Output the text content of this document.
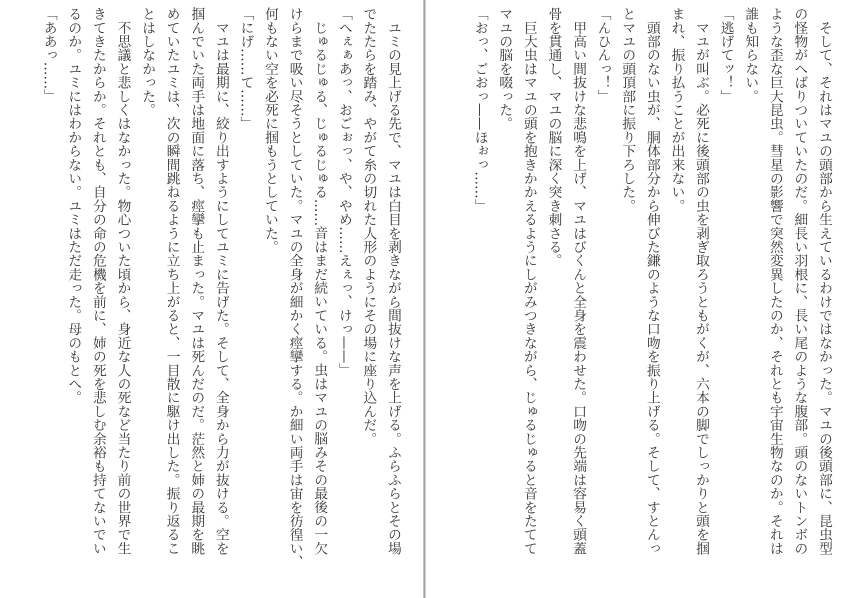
　ユミの見上げる先で、マユは白目を剥きながら間抜けな声を上げる。ふらふらとその場
でたたらを踏み、やがて糸の切れた人形のようにその場に座り込んだ。
「へぇぁあっ、おごぉっ、や、やめ……えぇっ、けっ——」
　じゅるじゅる、じゅるじゅる……音はまだ続いている。虫はマユの脳みその最後の一欠
けらまで吸い尽そうとしていた。マユの全身が細かく痙攣する。か細い両手は宙を彷徨い、
何もない空を必死に掴もうとしていた。
「にげ……て……」
　マユは最期に、絞り出すようにしてユミに告げた。そして、全身から力が抜ける。空を
掴んでいた両手は地面に落ち、痙攣も止まった。マユは死んだのだ。茫然と姉の最期を眺
めていたユミは、次の瞬間跳ねるように立ち上がると、一目散に駆け出した。振り返るこ
とはしなかった。
　不思議と悲しくはなかった。物心ついた頃から、身近な人の死など当たり前の世界で生
きてきたからか。それとも、自分の命の危機を前に、姉の死を悲しむ余裕も持てないでい
るのか。ユミにはわからない。ユミはただ走った。母のもとへ。
「ああっ……」	　そして、それはマユの頭部から生えているわけではなかった。マユの後頭部に、昆虫型
の怪物がへばりついていたのだ。細長い羽根に、長い尾のような腹部。頭のないトンボの
ような歪な巨大昆虫。彗星の影響で突然変異したのか、それとも宇宙生物なのか。それは
誰も知らない。
「逃げてッ！」
　マユが叫ぶ。必死に後頭部の虫を剥ぎ取ろうともがくが、六本の脚でしっかりと頭を掴
まれ、振り払うことが出来ない。
　頭部のない虫が、胴体部分から伸びた鎌のような口吻を振り上げる。そして、すとんっ
とマユの頭頂部に振り下ろした。
「んひんっ！」
　甲高い間抜けな悲鳴を上げ、マユはびくんと全身を震わせた。口吻の先端は容易く頭蓋
骨を貫通し、マユの脳に深く突き刺さる。
　巨大虫はマユの頭を抱きかかえるようにしがみつきながら、じゅるじゅると音をたてて
マユの脳を啜った。
「おっ、ごおっ——ほぉっ……」
